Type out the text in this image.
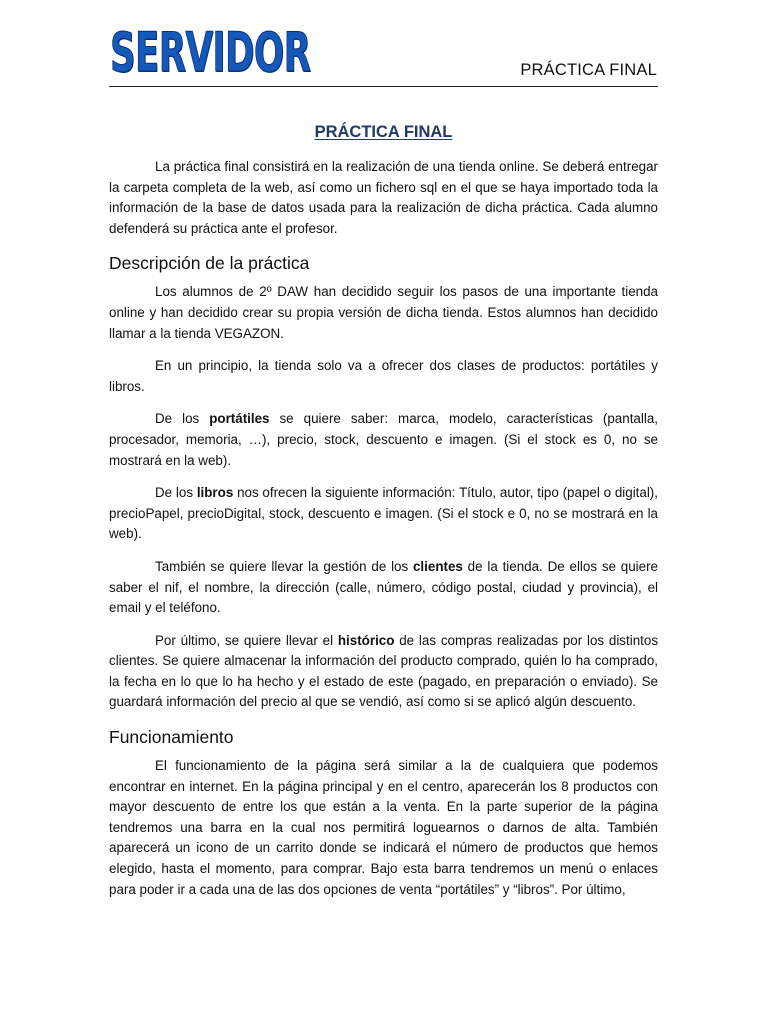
SERVIDOR	PRÁCTICA FINAL
PRÁCTICA FINAL

La práctica final consistirá en la realización de una tienda online. Se deberá entregar la carpeta completa de la web, así como un fichero sql en el que se haya importado toda la información de la base de datos usada para la realización de dicha práctica. Cada alumno defenderá su práctica ante el profesor.

Descripción de la práctica

Los alumnos de 2º DAW han decidido seguir los pasos de una importante tienda online y han decidido crear su propia versión de dicha tienda. Estos alumnos han decidido llamar a la tienda VEGAZON.

En un principio, la tienda solo va a ofrecer dos clases de productos: portátiles y libros.

De los portátiles se quiere saber: marca, modelo, características (pantalla, procesador, memoria, …), precio, stock, descuento e imagen. (Si el stock es 0, no se mostrará en la web).

De los libros nos ofrecen la siguiente información: Título, autor, tipo (papel o digital), precioPapel, precioDigital, stock, descuento e imagen. (Si el stock e 0, no se mostrará en la web).

También se quiere llevar la gestión de los clientes de la tienda. De ellos se quiere saber el nif, el nombre, la dirección (calle, número, código postal, ciudad y provincia), el email y el teléfono.

Por último, se quiere llevar el histórico de las compras realizadas por los distintos clientes. Se quiere almacenar la información del producto comprado, quién lo ha comprado, la fecha en lo que lo ha hecho y el estado de este (pagado, en preparación o enviado). Se guardará información del precio al que se vendió, así como si se aplicó algún descuento.

Funcionamiento

El funcionamiento de la página será similar a la de cualquiera que podemos encontrar en internet. En la página principal y en el centro, aparecerán los 8 productos con mayor descuento de entre los que están a la venta. En la parte superior de la página tendremos una barra en la cual nos permitirá loguearnos o darnos de alta. También aparecerá un icono de un carrito donde se indicará el número de productos que hemos elegido, hasta el momento, para comprar. Bajo esta barra tendremos un menú o enlaces para poder ir a cada una de las dos opciones de venta “portátiles” y “libros”. Por último,
